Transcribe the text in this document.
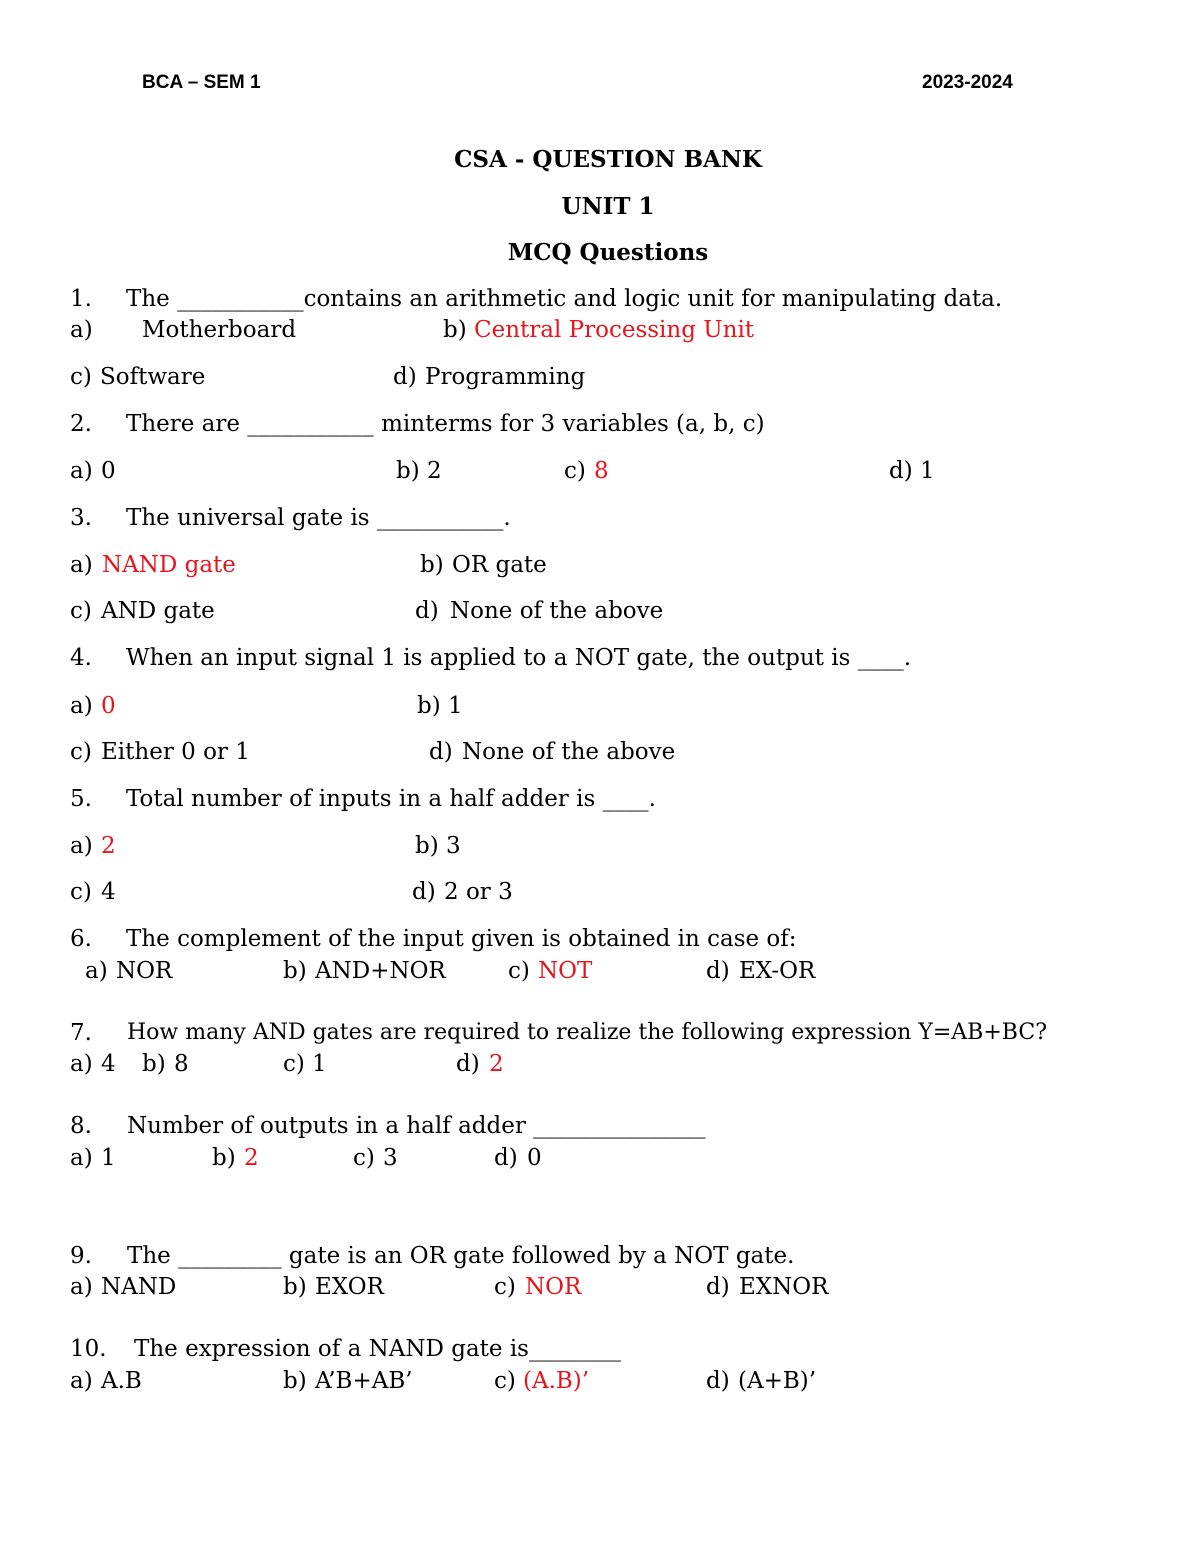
BCA – SEM 1	2023-2024
CSA - QUESTION BANK
UNIT 1
MCQ Questions
1. The ___________contains an arithmetic and logic unit for manipulating data.
a) Motherboard	b) Central Processing Unit
c) Software	d) Programming
2. There are ___________ minterms for 3 variables (a, b, c)
a) 0	b) 2	c) 8	d) 1
3. The universal gate is ___________.
a) NAND gate	b) OR gate
c) AND gate	d) None of the above
4. When an input signal 1 is applied to a NOT gate, the output is ____.
a) 0	b) 1
c) Either 0 or 1	d) None of the above
5. Total number of inputs in a half adder is ____.
a) 2	b) 3
c) 4	d) 2 or 3
6. The complement of the input given is obtained in case of:
a) NOR	b) AND+NOR	c) NOT	d) EX-OR
7. How many AND gates are required to realize the following expression Y=AB+BC?
a) 4 b) 8	c) 1	d) 2
8. Number of outputs in a half adder _______________
a) 1	b) 2	c) 3	d) 0
9. The _________ gate is an OR gate followed by a NOT gate.
a) NAND	b) EXOR	c) NOR	d) EXNOR
10. The expression of a NAND gate is________
a) A.B	b) A’B+AB’	c) (A.B)’	d) (A+B)’
